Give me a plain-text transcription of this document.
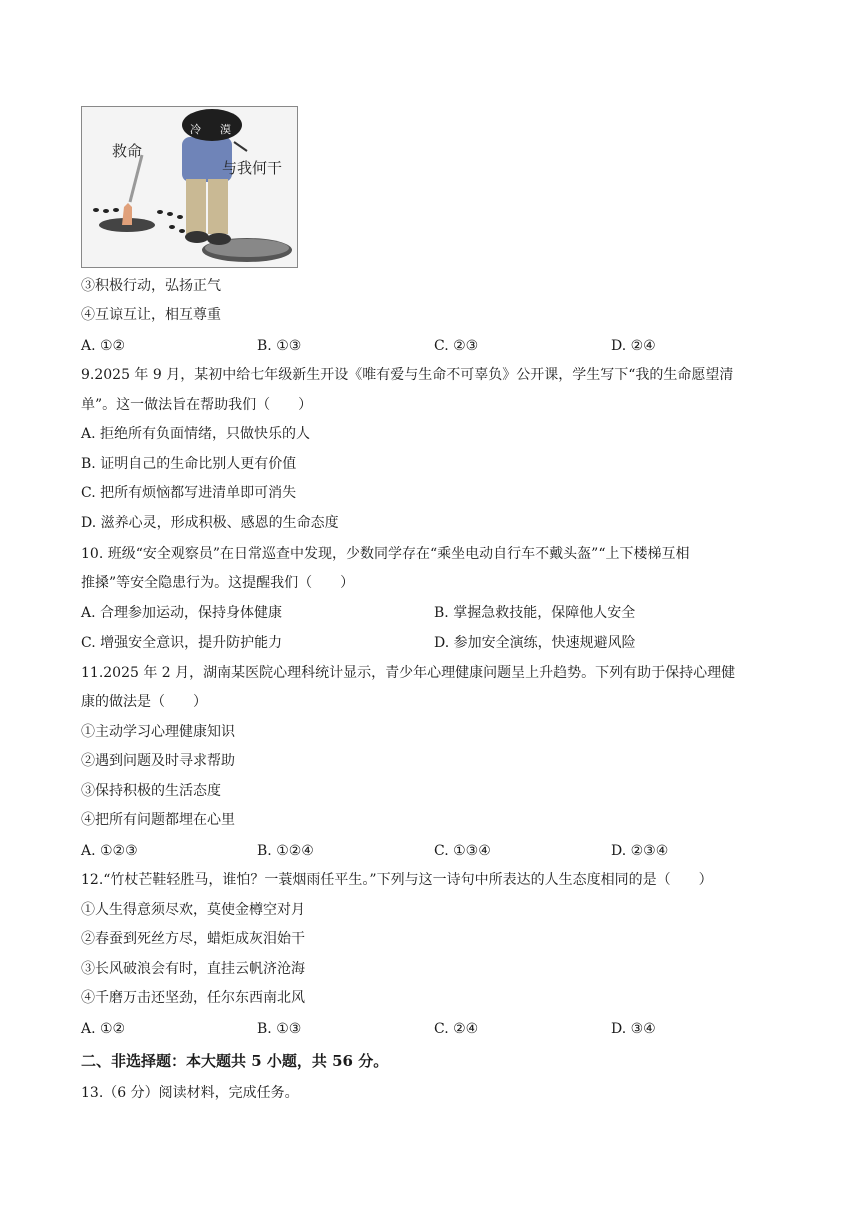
救命
与我何干
冷 漠
③积极行动，弘扬正气
④互谅互让，相互尊重
A. ①②	B. ①③	C. ②③	D. ②④
9.2025 年 9 月，某初中给七年级新生开设《唯有爱与生命不可辜负》公开课，学生写下“我的生命愿望清
单”。这一做法旨在帮助我们（　　）
A. 拒绝所有负面情绪，只做快乐的人
B. 证明自己的生命比别人更有价值
C. 把所有烦恼都写进清单即可消失
D. 滋养心灵，形成积极、感恩的生命态度
10. 班级“安全观察员”在日常巡查中发现，少数同学存在“乘坐电动自行车不戴头盔”“上下楼梯互相
推搡”等安全隐患行为。这提醒我们（　　）
A. 合理参加运动，保持身体健康	B. 掌握急救技能，保障他人安全
C. 增强安全意识，提升防护能力	D. 参加安全演练，快速规避风险
11.2025 年 2 月，湖南某医院心理科统计显示，青少年心理健康问题呈上升趋势。下列有助于保持心理健
康的做法是（　　）
①主动学习心理健康知识
②遇到问题及时寻求帮助
③保持积极的生活态度
④把所有问题都埋在心里
A. ①②③	B. ①②④	C. ①③④	D. ②③④
12.“竹杖芒鞋轻胜马，谁怕？一蓑烟雨任平生。”下列与这一诗句中所表达的人生态度相同的是（　　）
①人生得意须尽欢，莫使金樽空对月
②春蚕到死丝方尽，蜡炬成灰泪始干
③长风破浪会有时，直挂云帆济沧海
④千磨万击还坚劲，任尔东西南北风
A. ①②	B. ①③	C. ②④	D. ③④
二、非选择题：本大题共 5 小题，共 56 分。
13.（6 分）阅读材料，完成任务。
